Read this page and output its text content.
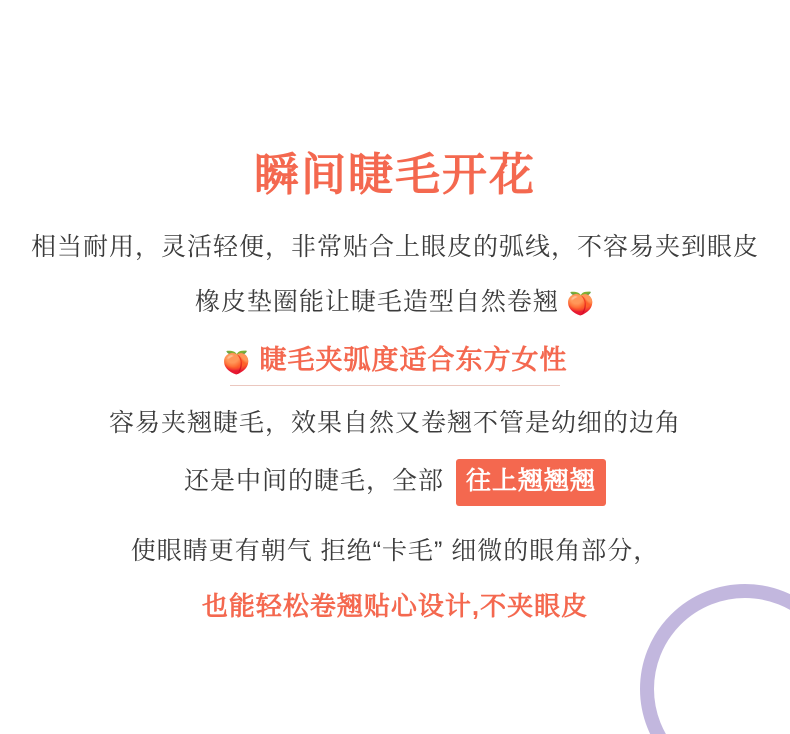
瞬间睫毛开花

相当耐用，灵活轻便，非常贴合上眼皮的弧线，不容易夹到眼皮

橡皮垫圈能让睫毛造型自然卷翘 🍑

🍑 睫毛夹弧度适合东方女性

容易夹翘睫毛，效果自然又卷翘不管是幼细的边角

还是中间的睫毛，全部 往上翘翘翘

使眼睛更有朝气 拒绝“卡毛” 细微的眼角部分，

也能轻松卷翘贴心设计,不夹眼皮
